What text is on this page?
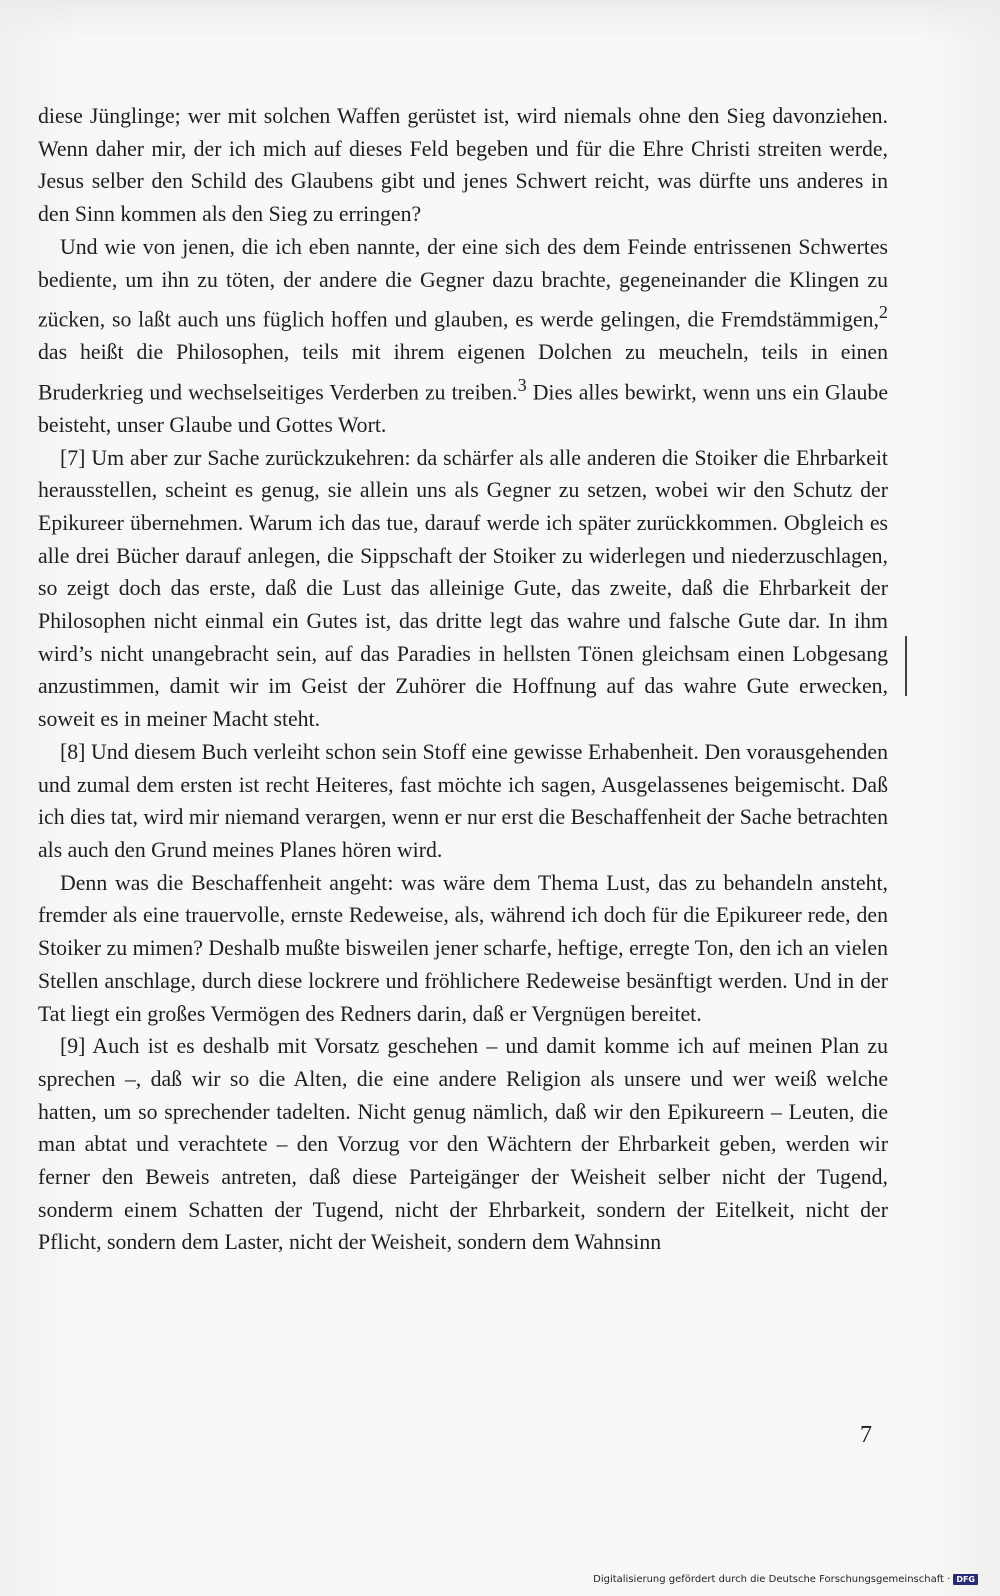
diese Jünglinge; wer mit solchen Waffen gerüstet ist, wird niemals ohne den Sieg davonziehen. Wenn daher mir, der ich mich auf dieses Feld begeben und für die Ehre Christi streiten werde, Jesus selber den Schild des Glaubens gibt und jenes Schwert reicht, was dürfte uns anderes in den Sinn kommen als den Sieg zu erringen?

Und wie von jenen, die ich eben nannte, der eine sich des dem Feinde entrissenen Schwertes bediente, um ihn zu töten, der andere die Gegner dazu brachte, gegeneinander die Klingen zu zücken, so laßt auch uns füglich hoffen und glauben, es werde gelingen, die Fremdstämmigen,$^2$ das heißt die Philosophen, teils mit ihrem eigenen Dolchen zu meucheln, teils in einen Bruderkrieg und wechselseitiges Verderben zu treiben.$^3$ Dies alles bewirkt, wenn uns ein Glaube beisteht, unser Glaube und Gottes Wort.

[7] Um aber zur Sache zurückzukehren: da schärfer als alle anderen die Stoiker die Ehrbarkeit herausstellen, scheint es genug, sie allein uns als Gegner zu setzen, wobei wir den Schutz der Epikureer übernehmen. Warum ich das tue, darauf werde ich später zurückkommen. Obgleich es alle drei Bücher darauf anlegen, die Sippschaft der Stoiker zu widerlegen und niederzuschlagen, so zeigt doch das erste, daß die Lust das alleinige Gute, das zweite, daß die Ehrbarkeit der Philosophen nicht einmal ein Gutes ist, das dritte legt das wahre und falsche Gute dar. In ihm wird’s nicht unangebracht sein, auf das Paradies in hellsten Tönen gleichsam einen Lobgesang anzustimmen, damit wir im Geist der Zuhörer die Hoffnung auf das wahre Gute erwecken, soweit es in meiner Macht steht.

[8] Und diesem Buch verleiht schon sein Stoff eine gewisse Erhabenheit. Den vorausgehenden und zumal dem ersten ist recht Heiteres, fast möchte ich sagen, Ausgelassenes beigemischt. Daß ich dies tat, wird mir niemand verargen, wenn er nur erst die Beschaffenheit der Sache betrachten als auch den Grund meines Planes hören wird.

Denn was die Beschaffenheit angeht: was wäre dem Thema Lust, das zu behandeln ansteht, fremder als eine trauervolle, ernste Redeweise, als, während ich doch für die Epikureer rede, den Stoiker zu mimen? Deshalb mußte bisweilen jener scharfe, heftige, erregte Ton, den ich an vielen Stellen anschlage, durch diese lockrere und fröhlichere Redeweise besänftigt werden. Und in der Tat liegt ein großes Vermögen des Redners darin, daß er Vergnügen bereitet.

[9] Auch ist es deshalb mit Vorsatz geschehen – und damit komme ich auf meinen Plan zu sprechen –, daß wir so die Alten, die eine andere Religion als unsere und wer weiß welche hatten, um so sprechender tadelten. Nicht genug nämlich, daß wir den Epikureern – Leuten, die man abtat und verachtete – den Vorzug vor den Wächtern der Ehrbarkeit geben, werden wir ferner den Beweis antreten, daß diese Parteigänger der Weisheit selber nicht der Tugend, sonderm einem Schatten der Tugend, nicht der Ehrbarkeit, sondern der Eitelkeit, nicht der Pflicht, sondern dem Laster, nicht der Weisheit, sondern dem Wahnsinn

7
Digitalisierung gefördert durch die Deutsche Forschungsgemeinschaft · DFG
